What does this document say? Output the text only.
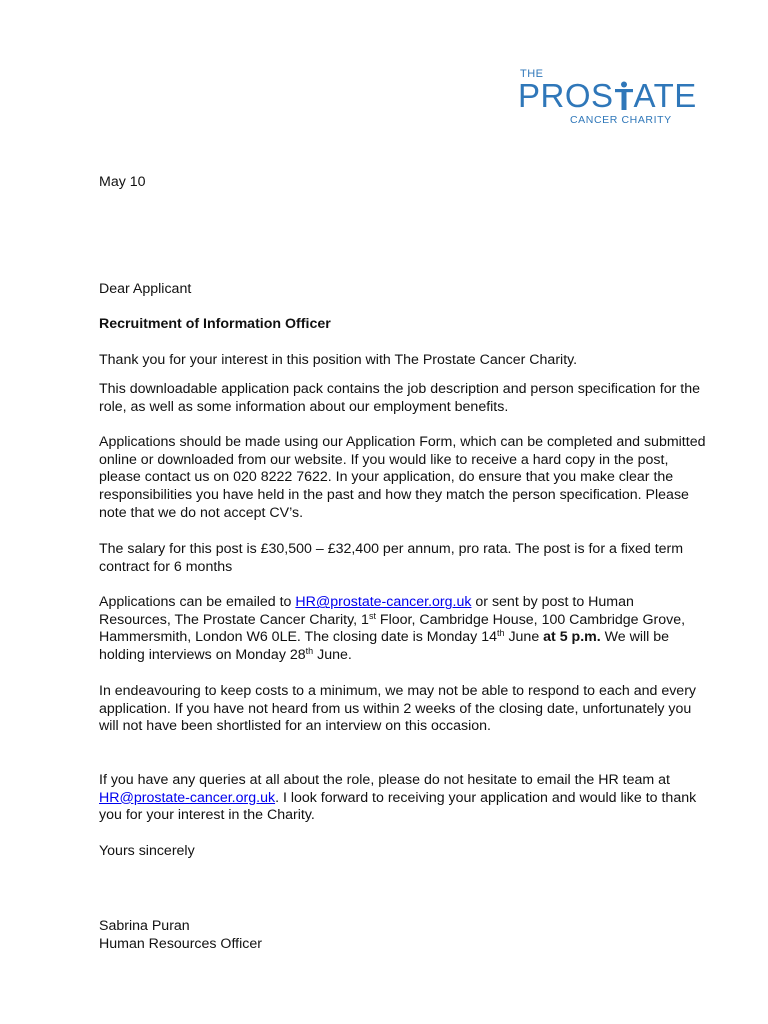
THE
PROS ATE
CANCER CHARITY

May 10

Dear Applicant

Recruitment of Information Officer

Thank you for your interest in this position with The Prostate Cancer Charity.

This downloadable application pack contains the job description and person specification for the role, as well as some information about our employment benefits.

Applications should be made using our Application Form, which can be completed and submitted online or downloaded from our website. If you would like to receive a hard copy in the post, please contact us on 020 8222 7622. In your application, do ensure that you make clear the responsibilities you have held in the past and how they match the person specification. Please note that we do not accept CV’s.

The salary for this post is £30,500 – £32,400 per annum, pro rata. The post is for a fixed term contract for 6 months

Applications can be emailed to HR@prostate-cancer.org.uk or sent by post to Human Resources, The Prostate Cancer Charity, 1st Floor, Cambridge House, 100 Cambridge Grove, Hammersmith, London W6 0LE. The closing date is Monday 14th June at 5 p.m. We will be holding interviews on Monday 28th June.

In endeavouring to keep costs to a minimum, we may not be able to respond to each and every application. If you have not heard from us within 2 weeks of the closing date, unfortunately you will not have been shortlisted for an interview on this occasion.

If you have any queries at all about the role, please do not hesitate to email the HR team at HR@prostate-cancer.org.uk. I look forward to receiving your application and would like to thank you for your interest in the Charity.

Yours sincerely

Sabrina Puran

Human Resources Officer
